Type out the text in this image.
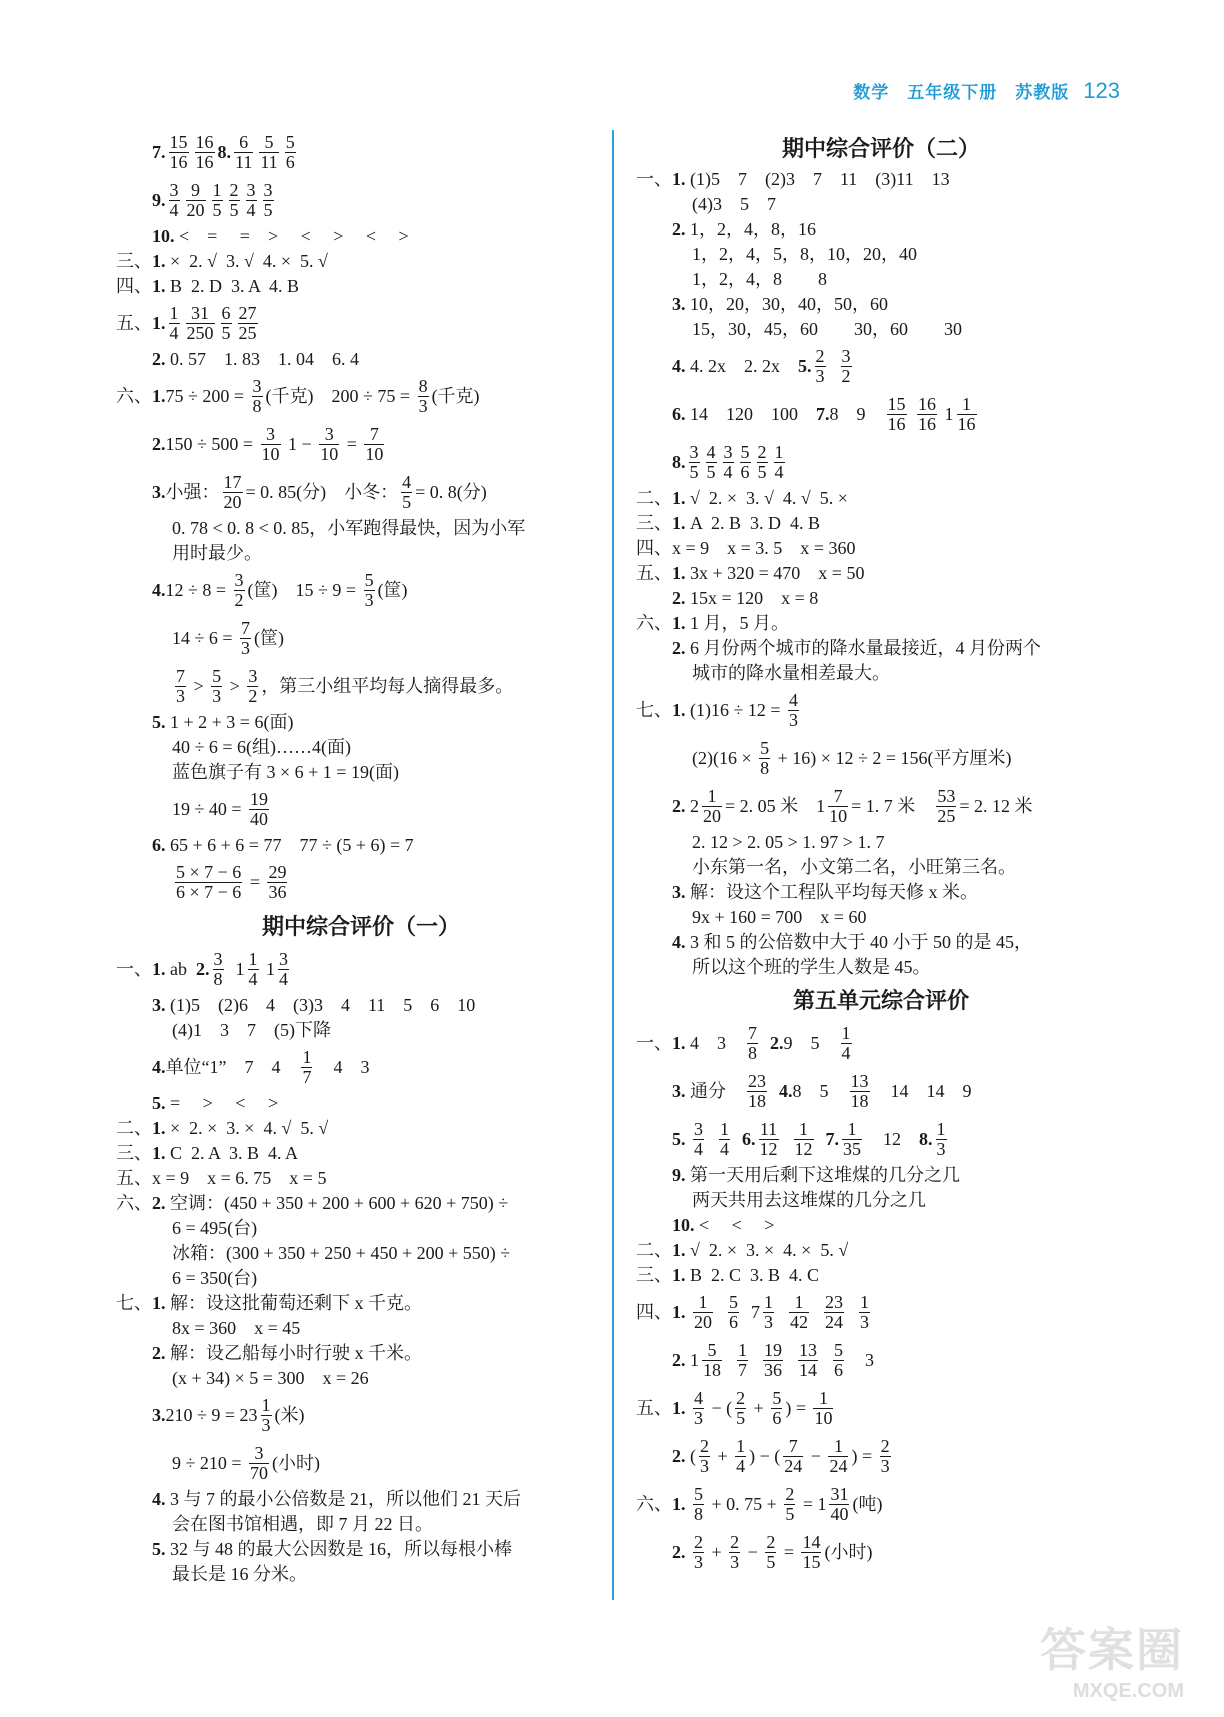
数学　五年级下册　苏教版 123
7. $\frac{15}{16} \frac{16}{16} 8$. $\frac{6}{11} \frac{5}{11} \frac{5}{6}$
9. $\frac{3}{4} \frac{9}{20} \frac{1}{5} \frac{2}{5} \frac{3}{4} \frac{3}{5}$
10. <　=　 =　>　 <　 >　 <　 >
三、1. ×  2. √  3. √  4. ×  5. √
四、1. B  2. D  3. A  4. B
五、 1. $\frac{1}{4} \frac{31}{250} \frac{6}{5} \frac{27}{25}$
2. 0. 57　1. 83　1. 04　6. 4
六、 1. $75 \div 200 = \frac{3}{8}$ (千克)　$200 \div 75 = \frac{8}{3}$ (千克)
2. $150 \div 500 = \frac{3}{10} 1 - \frac{3}{10} = \frac{7}{10}$
3. 小强： $\frac{17}{20} = 0$. 85(分)　小冬： $\frac{4}{5} = 0$. 8(分)
0. 78 < 0. 8 < 0. 85，小军跑得最快，因为小军
用时最少。
4. $12 \div 8 = \frac{3}{2}$ (筐)　$15 \div 9 = \frac{5}{3}$ (筐)
$14 \div 6 = \frac{7}{3}$ (筐)
$\frac{7}{3} > \frac{5}{3} > \frac{3}{2}$ ，第三小组平均每人摘得最多。
5. 1 + 2 + 3 = 6(面)
40 ÷ 6 = 6(组)……4(面)
蓝色旗子有 3 × 6 + 1 = 19(面)
$19 \div 40 = \frac{19}{40}$
6. 65 + 6 + 6 = 77　77 ÷ (5 + 6) = 7
$\frac{5 \times 7 - 6}{6 \times 7 - 6} = \frac{29}{36}$
期中综合评价（一）
一、 1. ab 2. $\frac{3}{8} 1 \frac{1}{4} 1 \frac{3}{4}$
3. (1)5　(2)6　4　(3)3　4　11　5　6　10
(4)1　3　7　(5)下降
4. 单位“1”　7　4　 $\frac{1}{7}$ 　4　3
5. =　 >　 <　 >
二、1. ×  2. ×  3. ×  4. √  5. √
三、1. C  2. A  3. B  4. A
五、x = 9　x = 6. 75　x = 5
六、2. 空调：(450 + 350 + 200 + 600 + 620 + 750) ÷
6 = 495(台)
冰箱：(300 + 350 + 250 + 450 + 200 + 550) ÷
6 = 350(台)
七、1. 解：设这批葡萄还剩下 x 千克。
8x = 360　x = 45
2. 解：设乙船每小时行驶 x 千米。
(x + 34) × 5 = 300　x = 26
3. $210 \div 9 = 23 \frac{1}{3}$ (米)
$9 \div 210 = \frac{3}{70}$ (小时)
4. 3 与 7 的最小公倍数是 21，所以他们 21 天后
会在图书馆相遇，即 7 月 22 日。
5. 32 与 48 的最大公因数是 16，所以每根小棒
最长是 16 分米。
期中综合评价（二）
一、1. (1)5　7　(2)3　7　11　(3)11　13
(4)3　5　7
2. 1，2，4，8，16
1，2，4，5，8，10，20，40
1，2，4，8　　8
3. 10，20，30，40，50，60
15，30，45，60　　30，60　　30
4. 4. 2x　2. 2x　 5. $\frac{2}{3}$
$\frac{3}{2}$
6. 14　120　100　 7. 8　9　 $\frac{15}{16}$
$\frac{16}{16} 1 \frac{1}{16}$
8. $\frac{3}{5} \frac{4}{5} \frac{3}{4} \frac{5}{6} \frac{2}{5} \frac{1}{4}$
二、1. √  2. ×  3. √  4. √  5. ×
三、1. A  2. B  3. D  4. B
四、x = 9　x = 3. 5　x = 360
五、1. 3x + 320 = 470　x = 50
2. 15x = 120　x = 8
六、1. 1 月，5 月。
2. 6 月份两个城市的降水量最接近，4 月份两个
城市的降水量相差最大。
七、 1. $(1)16 \div 12 = \frac{4}{3}$
$(2)(16 \times \frac{5}{8} + 16) \times 12 \div 2 = 156$(平方厘米)
2. $2 \frac{1}{20} = 2$. 05 米　$1 \frac{7}{10} = 1$. 7 米　 $\frac{53}{25} = 2$. 12 米
2. 12 > 2. 05 > 1. 97 > 1. 7
小东第一名，小文第二名，小旺第三名。
3. 解：设这个工程队平均每天修 x 米。
9x + 160 = 700　x = 60
4. 3 和 5 的公倍数中大于 40 小于 50 的是 45，
所以这个班的学生人数是 45。
第五单元综合评价
一、 1. 4　3　 $\frac{7}{8}$
2. 9　5　 $\frac{1}{4}$
3. 通分　 $\frac{23}{18}$
4. 8　5　 $\frac{13}{18}$ 　14　14　9
5.
$\frac{3}{4}$
$\frac{1}{4}$
6. $\frac{11}{12}$
$\frac{1}{12}$
7. $\frac{1}{35}$ 　12　 8. $\frac{1}{3}$
9. 第一天用后剩下这堆煤的几分之几
两天共用去这堆煤的几分之几
10. <　 <　 >
二、1. √  2. ×  3. ×  4. ×  5. √
三、1. B  2. C  3. B  4. C
四、 1.
$\frac{1}{20}$
$\frac{5}{6} 7 \frac{1}{3}$
$\frac{1}{42}$
$\frac{23}{24}$
$\frac{1}{3}$
2. $1 \frac{5}{18}$
$\frac{1}{7}$
$\frac{19}{36}$
$\frac{13}{14}$
$\frac{5}{6}$ 　3
五、 1.
$\frac{4}{3}$ − ( $\frac{2}{5} + \frac{5}{6}$ ) = $\frac{1}{10}$
2. ( $\frac{2}{3} + \frac{1}{4}$ ) − ( $\frac{7}{24} - \frac{1}{24}$ ) = $\frac{2}{3}$
六、 1.
$\frac{5}{8} + 0$. $75 + \frac{2}{5} = 1 \frac{31}{40}$ (吨)
2.
$\frac{2}{3} + \frac{2}{3} - \frac{2}{5} = \frac{14}{15}$ (小时)
答案圈
MXQE.COM
